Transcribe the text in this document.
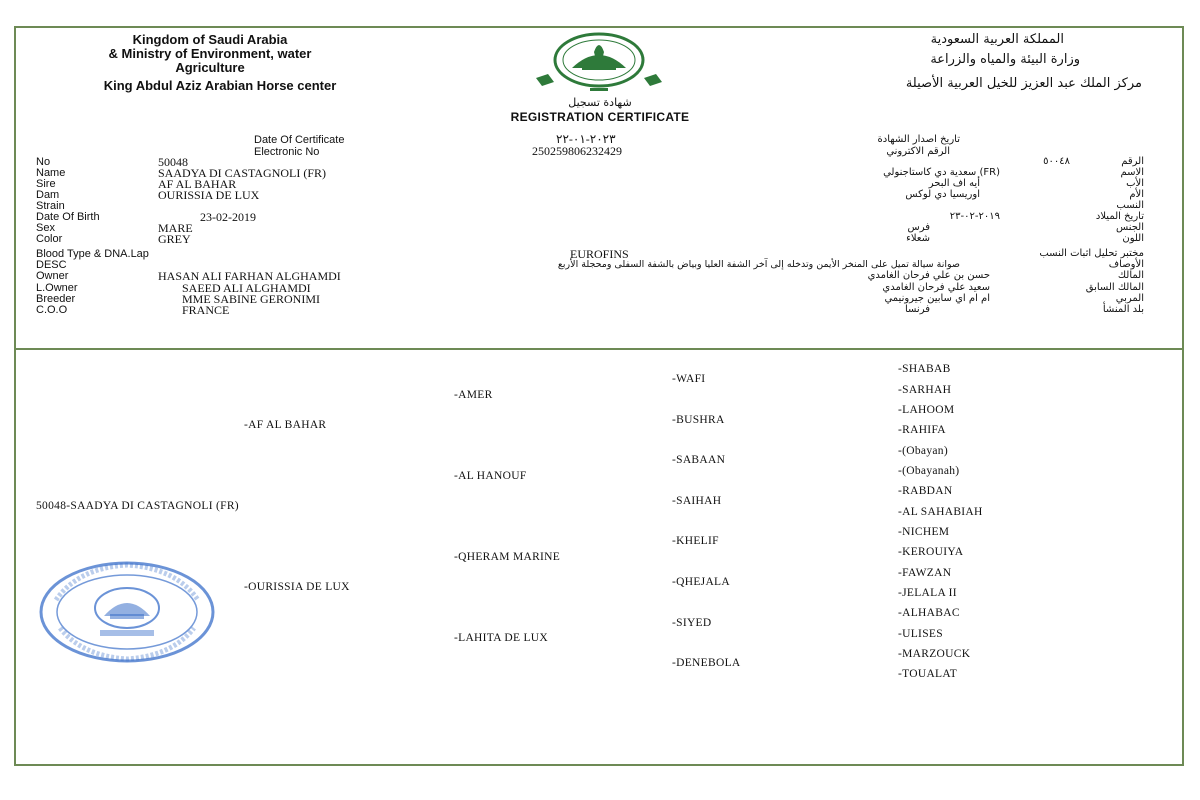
Kingdom of Saudi Arabia
& Ministry of Environment, water
Agriculture
King Abdul Aziz Arabian Horse center
المملكة العربية السعودية
وزارة البيئة والمياه والزراعة
مركز الملك عبد العزيز للخيل العربية الأصيلة
شهادة تسجيل
REGISTRATION CERTIFICATE
Date Of Certificate	٢٠٢٣-٠١-٢٢	تاريخ اصدار الشهادة
Electronic No	250259806232429	الرقم الاكتروني
No	50048	٥٠٠٤٨	الرقم
Name	SAADYA DI CASTAGNOLI (FR)	(FR) سعدية دي كاستاجنولي	الاسم
Sire	AF AL BAHAR	أيه اف البحر	الأب
Dam	OURISSIA DE LUX	اوريسيا دي لوكس	الأم
Strain	النسب
Date Of Birth	23-02-2019	٢٠١٩-٠٢-٢٣	تاريخ الميلاد
Sex	MARE	فرس	الجنس
Color	GREY	شعلاء	اللون
Blood Type & DNA.Lap	EUROFINS	مختبر تحليل اثبات النسب
DESC	صوانة سيالة تميل على المنخر الأيمن وتدخله إلى آخر الشفة العليا وبياض بالشفة السفلى ومحجلة الأربع	الأوصاف
Owner	HASAN ALI FARHAN ALGHAMDI	حسن بن علي فرحان الغامدي	المالك
L.Owner	SAEED ALI ALGHAMDI	سعيد علي فرحان الغامدي	المالك السابق
Breeder	MME SABINE GERONIMI	ام ام اي سابين جيرونيمي	المربي
C.O.O	FRANCE	فرنسا	بلد المنشأ
50048-SAADYA DI CASTAGNOLI (FR)
-AF AL BAHAR
-OURISSIA DE LUX
-AMER
-AL HANOUF
-QHERAM MARINE
-LAHITA DE LUX
-WAFI
-BUSHRA
-SABAAN
-SAIHAH
-KHELIF
-QHEJALA
-SIYED
-DENEBOLA
-SHABAB
-SARHAH
-LAHOOM
-RAHIFA
-(Obayan)
-(Obayanah)
-RABDAN
-AL SAHABIAH
-NICHEM
-KEROUIYA
-FAWZAN
-JELALA II
-ALHABAC
-ULISES
-MARZOUCK
-TOUALAT
